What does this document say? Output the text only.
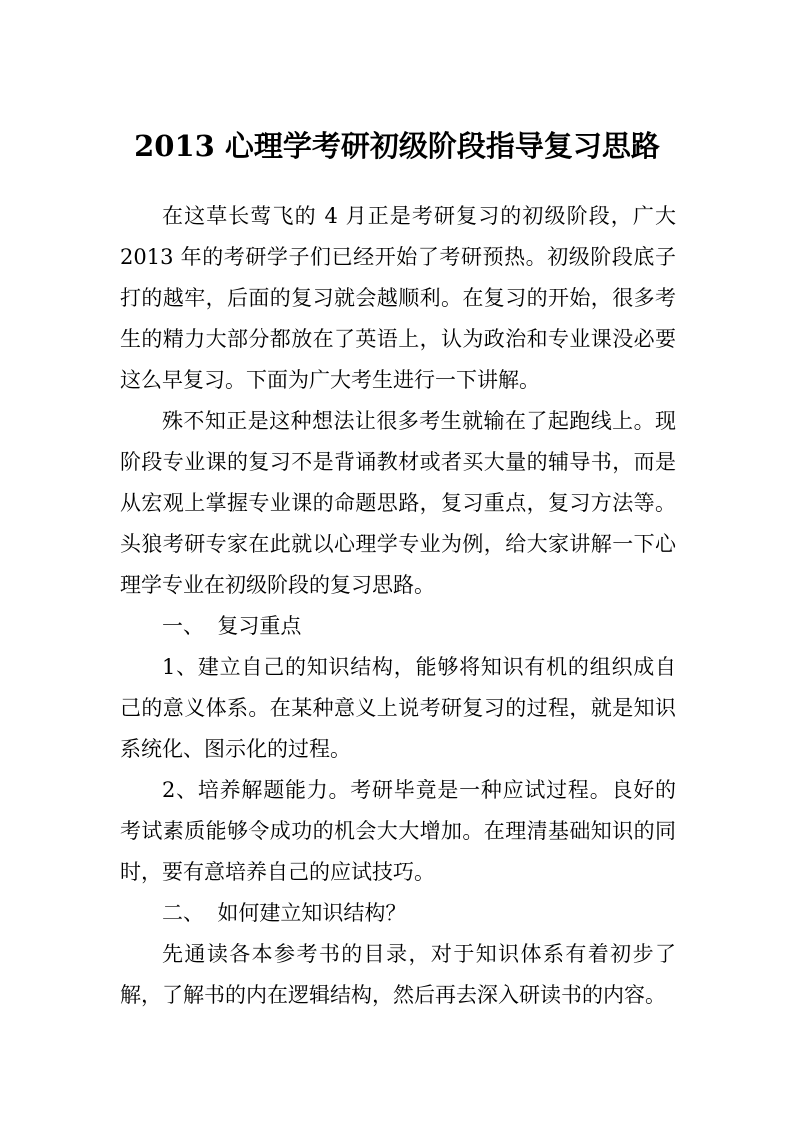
2013 心理学考研初级阶段指导复习思路

在这草长莺飞的 4 月正是考研复习的初级阶段，广大 2013 年的考研学子们已经开始了考研预热。初级阶段底子打的越牢，后面的复习就会越顺利。在复习的开始，很多考生的精力大部分都放在了英语上，认为政治和专业课没必要这么早复习。下面为广大考生进行一下讲解。

殊不知正是这种想法让很多考生就输在了起跑线上。现阶段专业课的复习不是背诵教材或者买大量的辅导书，而是从宏观上掌握专业课的命题思路，复习重点，复习方法等。头狼考研专家在此就以心理学专业为例，给大家讲解一下心理学专业在初级阶段的复习思路。

一、  复习重点

1、建立自己的知识结构，能够将知识有机的组织成自己的意义体系。在某种意义上说考研复习的过程，就是知识系统化、图示化的过程。

2、培养解题能力。考研毕竟是一种应试过程。良好的考试素质能够令成功的机会大大增加。在理清基础知识的同时，要有意培养自己的应试技巧。

二、  如何建立知识结构？

先通读各本参考书的目录，对于知识体系有着初步了解，了解书的内在逻辑结构，然后再去深入研读书的内容。
